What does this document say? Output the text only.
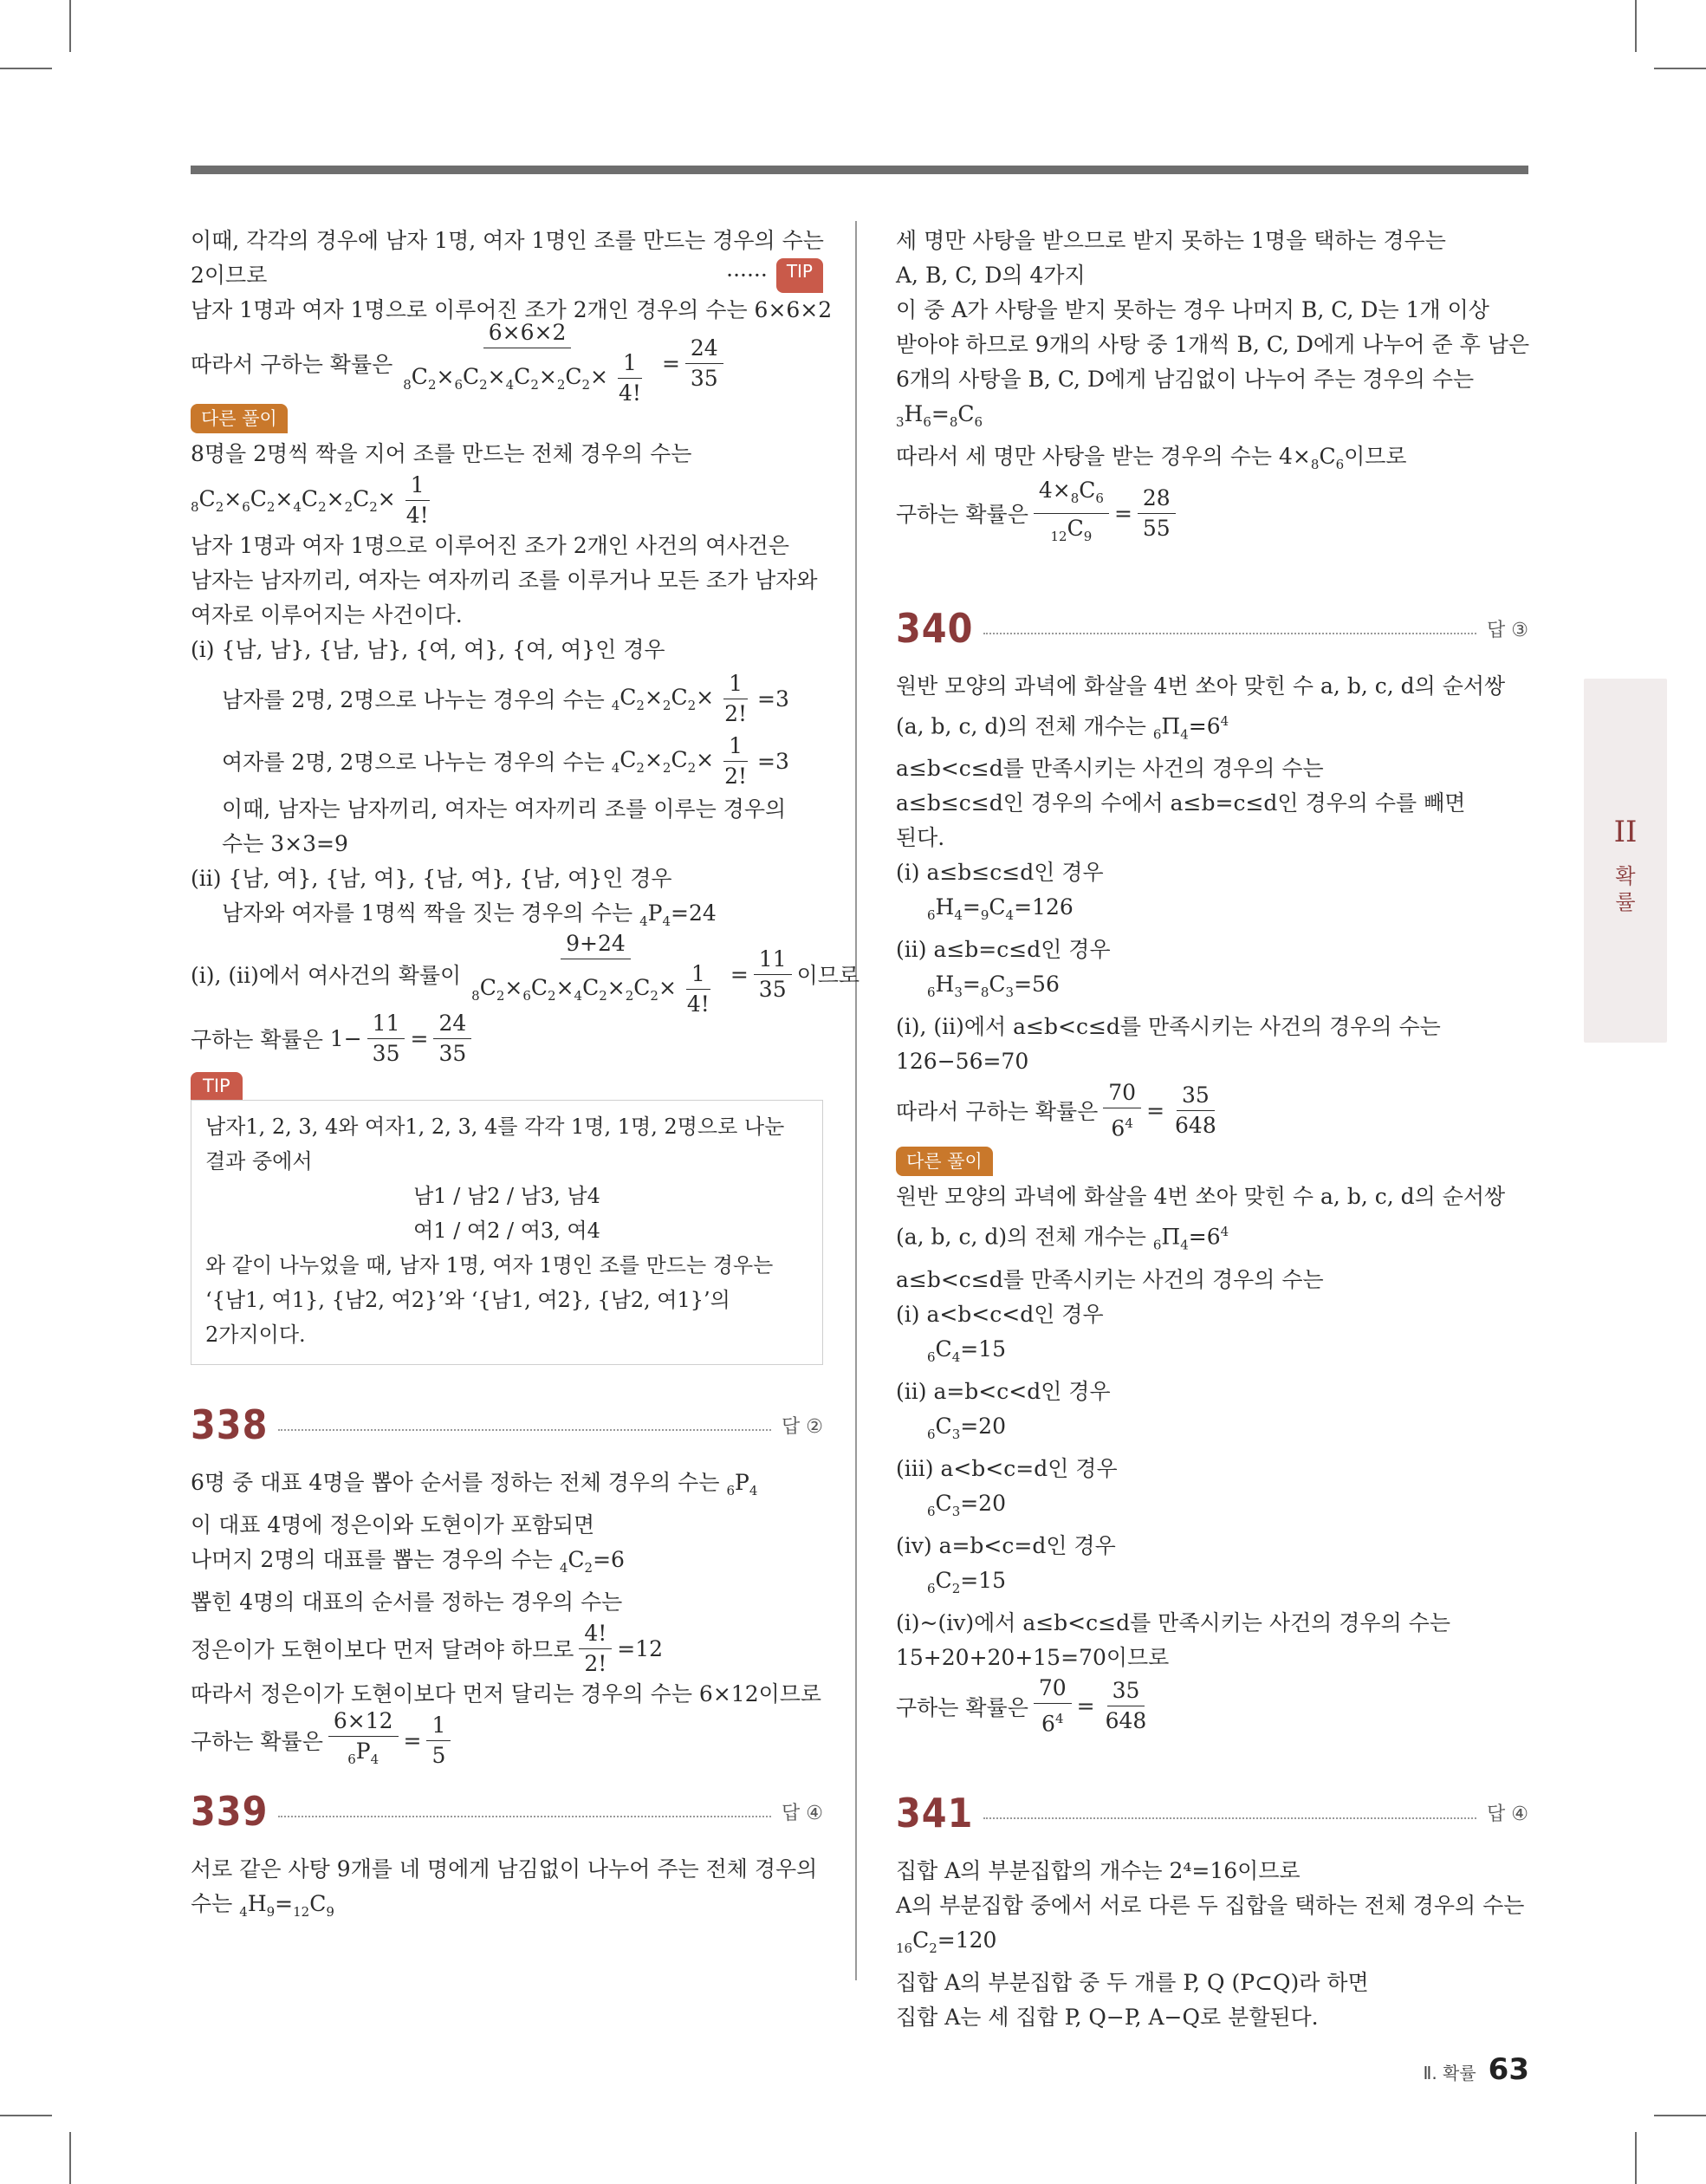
이때, 각각의 경우에 남자 1명, 여자 1명인 조를 만드는 경우의 수는
2이므로	······	TIP
남자 1명과 여자 1명으로 이루어진 조가 2개인 경우의 수는 6×6×2
따라서 구하는 확률은 $\frac{6\times 6\times 2}{_8C_2\times_6C_2\times_4C_2\times_2C_2\times \frac{1}{4!}} = \frac{24}{35}$
다른 풀이
8명을 2명씩 짝을 지어 조를 만드는 전체 경우의 수는
$_8C_2\times_6C_2\times_4C_2\times_2C_2\times \frac{1}{4!}$
남자 1명과 여자 1명으로 이루어진 조가 2개인 사건의 여사건은
남자는 남자끼리, 여자는 여자끼리 조를 이루거나 모든 조가 남자와
여자로 이루어지는 사건이다.
(i) {남, 남}, {남, 남}, {여, 여}, {여, 여}인 경우
남자를 2명, 2명으로 나누는 경우의 수는
$_4C_2\times_2C_2\times \frac{1}{2!} =3$
여자를 2명, 2명으로 나누는 경우의 수는
$_4C_2\times_2C_2\times \frac{1}{2!} =3$
이때, 남자는 남자끼리, 여자는 여자끼리 조를 이루는 경우의
수는 3×3=9
(ii) {남, 여}, {남, 여}, {남, 여}, {남, 여}인 경우
남자와 여자를 1명씩 짝을 짓는 경우의 수는 $_4P_4=24$
(i), (ii)에서 여사건의 확률이 $\frac{9+24}{_8C_2\times_6C_2\times_4C_2\times_2C_2\times \frac{1}{4!}} = \frac{11}{35}$ 이므로
구하는 확률은 $1- \frac{11}{35} = \frac{24}{35}$
TIP
남자1, 2, 3, 4와 여자1, 2, 3, 4를 각각 1명, 1명, 2명으로 나눈
결과 중에서
남1 / 남2 / 남3, 남4
여1 / 여2 / 여3, 여4
와 같이 나누었을 때, 남자 1명, 여자 1명인 조를 만드는 경우는
‘{남1, 여1}, {남2, 여2}’와 ‘{남1, 여2}, {남2, 여1}’의
2가지이다.
338	답 ②
6명 중 대표 4명을 뽑아 순서를 정하는 전체 경우의 수는 $_6P_4$
이 대표 4명에 정은이와 도현이가 포함되면
나머지 2명의 대표를 뽑는 경우의 수는 $_4C_2=6$
뽑힌 4명의 대표의 순서를 정하는 경우의 수는
정은이가 도현이보다 먼저 달려야 하므로 $\frac{4!}{2!} =12$
따라서 정은이가 도현이보다 먼저 달리는 경우의 수는 6×12이므로
구하는 확률은 $\frac{6\times 12}{_6P_4} = \frac{1}{5}$
339	답 ④
서로 같은 사탕 9개를 네 명에게 남김없이 나누어 주는 전체 경우의
수는 $_4H_9=_{12}C_9$
세 명만 사탕을 받으므로 받지 못하는 1명을 택하는 경우는
A, B, C, D의 4가지
이 중 A가 사탕을 받지 못하는 경우 나머지 B, C, D는 1개 이상
받아야 하므로 9개의 사탕 중 1개씩 B, C, D에게 나누어 준 후 남은
6개의 사탕을 B, C, D에게 남김없이 나누어 주는 경우의 수는
$_3H_6=_8C_6$
따라서 세 명만 사탕을 받는 경우의 수는 $4\times_8C_6$이므로
구하는 확률은 $\frac{4\times_8C_6}{_{12}C_9} = \frac{28}{55}$
340	답 ③
원반 모양의 과녁에 화살을 4번 쏘아 맞힌 수 a, b, c, d의 순서쌍
(a, b, c, d)의 전체 개수는 $_6\Pi_4=6^4$
a≤b<c≤d를 만족시키는 사건의 경우의 수는
a≤b≤c≤d인 경우의 수에서 a≤b=c≤d인 경우의 수를 빼면
된다.
(i) a≤b≤c≤d인 경우
$_6H_4=_9C_4=126$
(ii) a≤b=c≤d인 경우
$_6H_3=_8C_3=56$
(i), (ii)에서 a≤b<c≤d를 만족시키는 사건의 경우의 수는
126−56=70
따라서 구하는 확률은 $\frac{70}{6^4} = \frac{35}{648}$
다른 풀이
원반 모양의 과녁에 화살을 4번 쏘아 맞힌 수 a, b, c, d의 순서쌍
(a, b, c, d)의 전체 개수는 $_6\Pi_4=6^4$
a≤b<c≤d를 만족시키는 사건의 경우의 수는
(i) a<b<c<d인 경우
$_6C_4=15$
(ii) a=b<c<d인 경우
$_6C_3=20$
(iii) a<b<c=d인 경우
$_6C_3=20$
(iv) a=b<c=d인 경우
$_6C_2=15$
(i)~(iv)에서 a≤b<c≤d를 만족시키는 사건의 경우의 수는
15+20+20+15=70이므로
구하는 확률은 $\frac{70}{6^4} = \frac{35}{648}$
341	답 ④
집합 A의 부분집합의 개수는 2⁴=16이므로
A의 부분집합 중에서 서로 다른 두 집합을 택하는 전체 경우의 수는
$_{16}C_2=120$
집합 A의 부분집합 중 두 개를 P, Q (P⊂Q)라 하면
집합 A는 세 집합 P, Q−P, A−Q로 분할된다.
II
확
률
Ⅱ. 확률 63
